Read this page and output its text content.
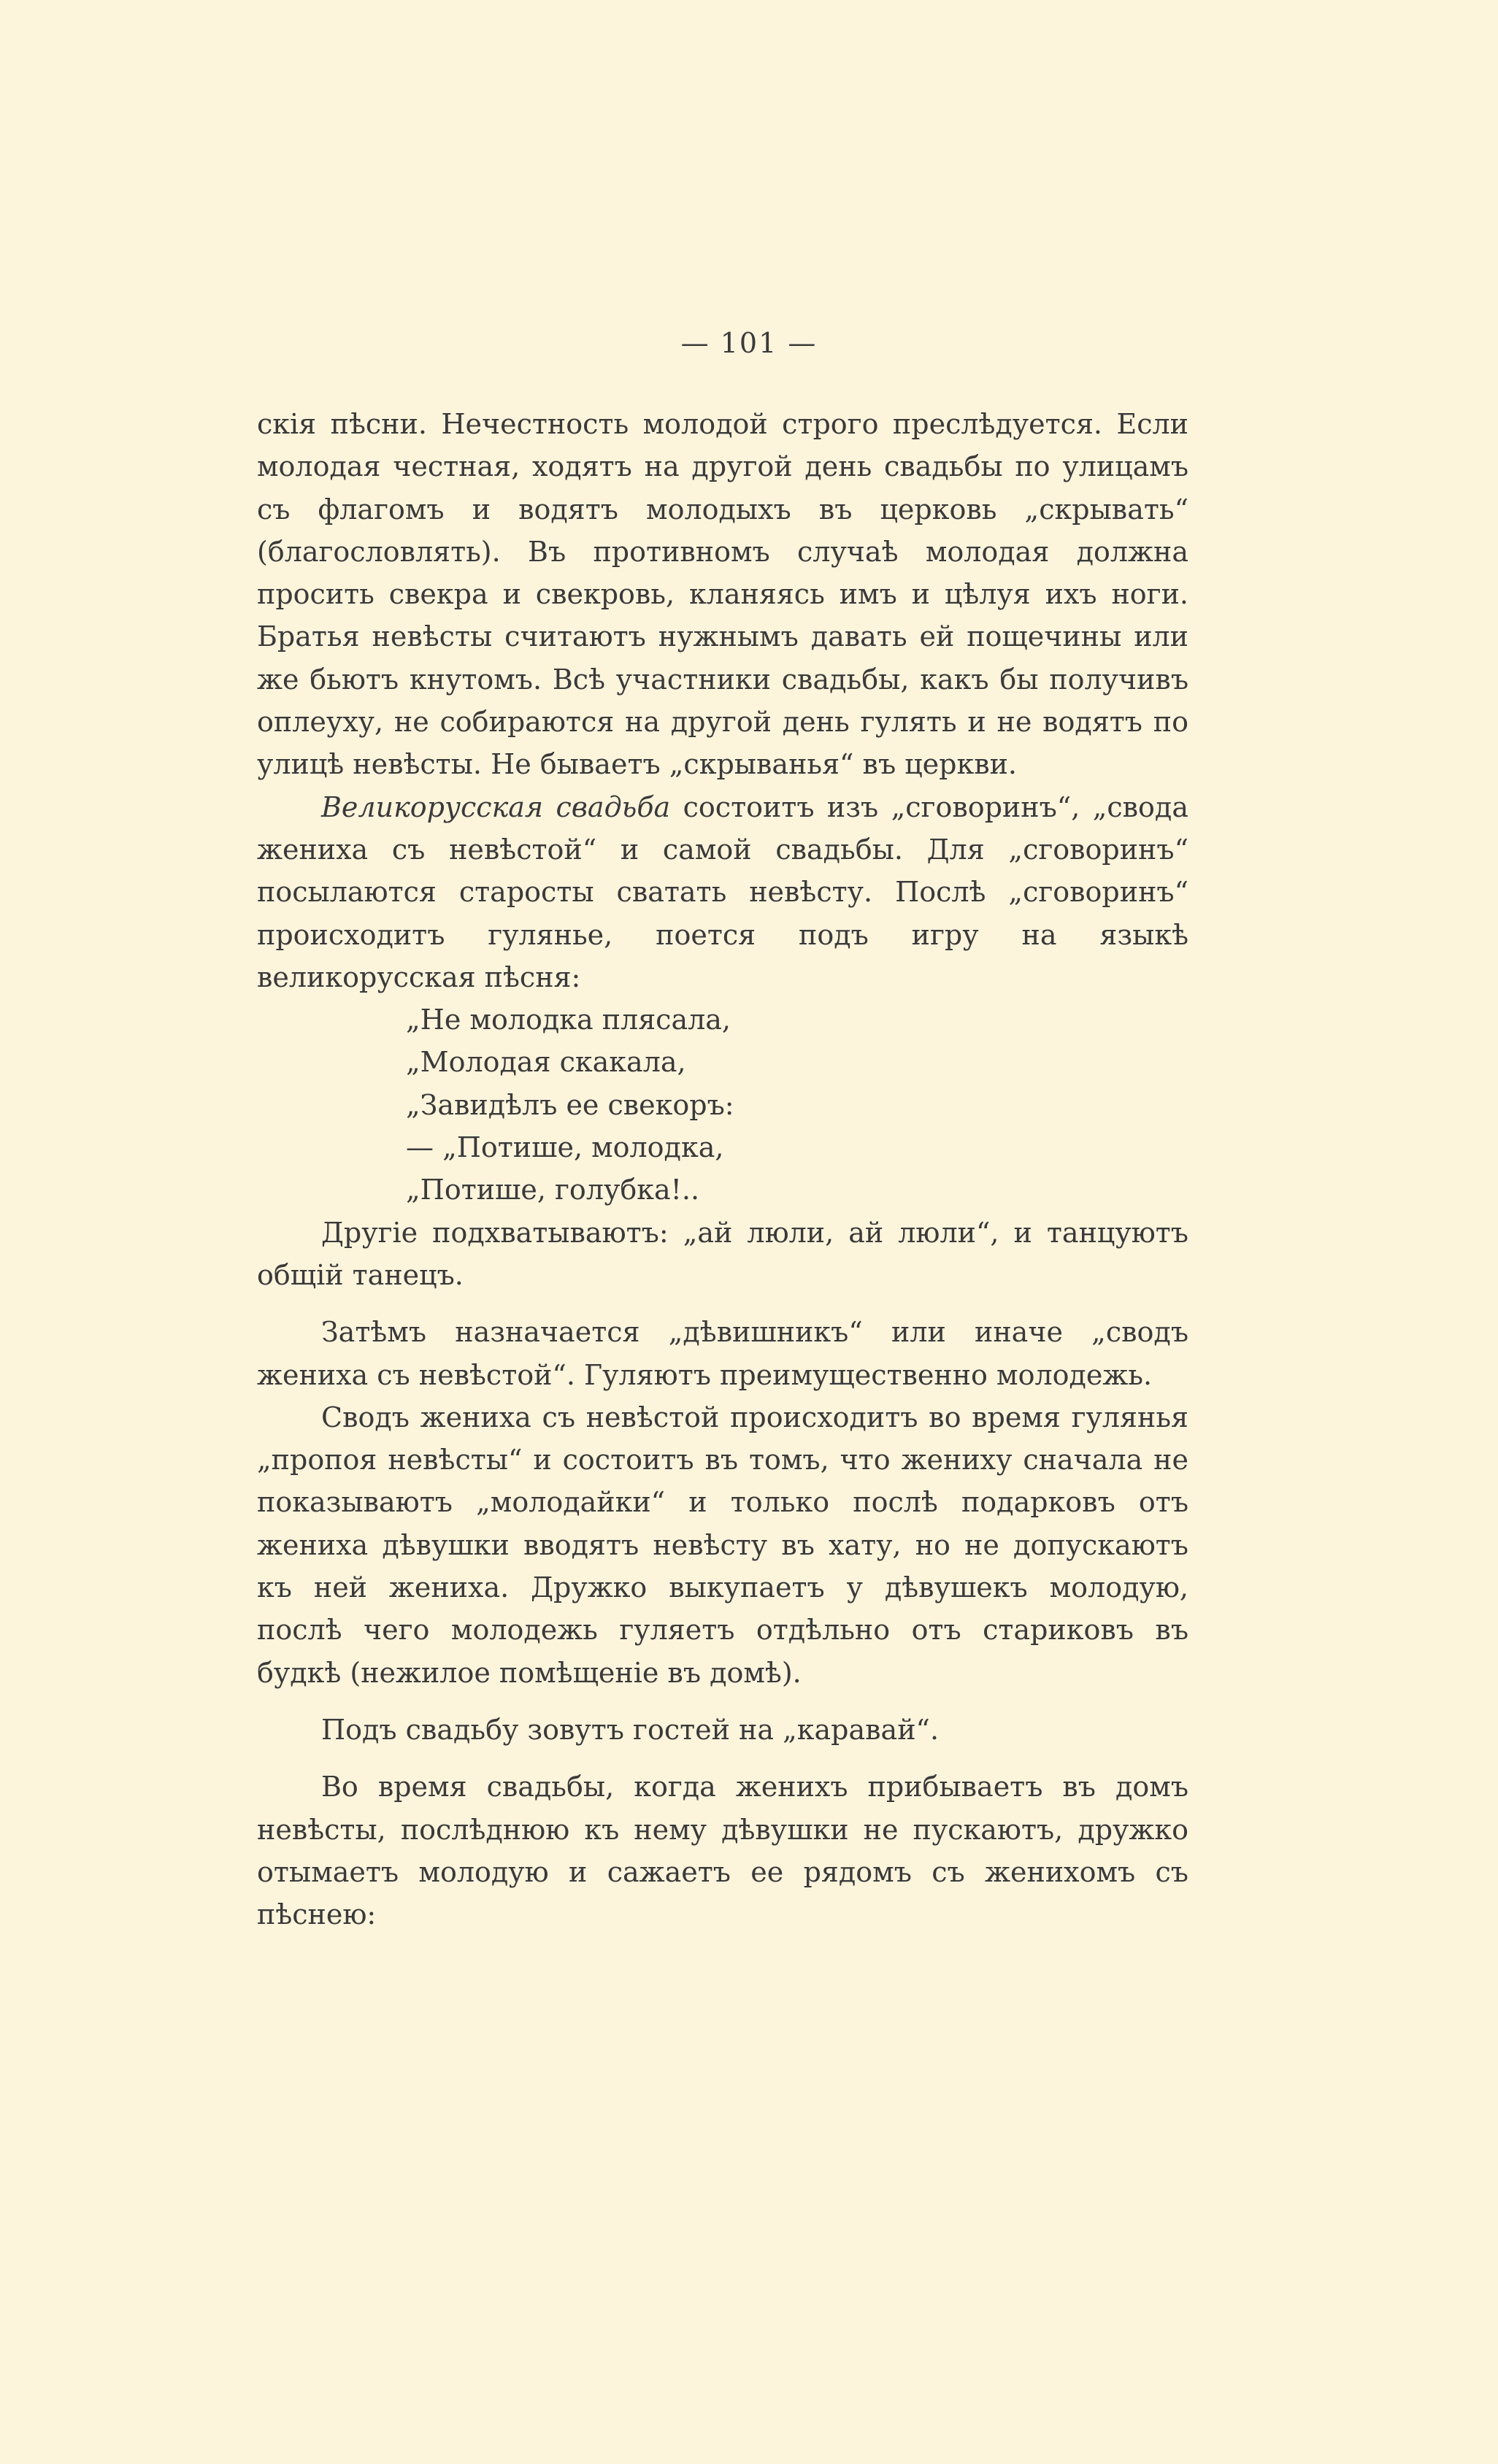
— 101 —

скія пѣсни. Нечестность молодой строго преслѣдуется. Если молодая честная, ходятъ на другой день свадьбы по улицамъ съ флагомъ и водятъ молодыхъ въ церковь „скрывать“ (благословлять). Въ противномъ случаѣ молодая должна просить свекра и свекровь, кланяясь имъ и цѣлуя ихъ ноги. Братья невѣсты считаютъ нужнымъ давать ей пощечины или же бьютъ кнутомъ. Всѣ участники свадьбы, какъ бы получивъ оплеуху, не собираются на другой день гулять и не водятъ по улицѣ невѣсты. Не бываетъ „скрыванья“ въ церкви.

Великорусская свадьба состоитъ изъ „сговоринъ“, „свода жениха съ невѣстой“ и самой свадьбы. Для „сговоринъ“ посылаются старосты сватать невѣсту. Послѣ „сговоринъ“ происходитъ гулянье, поется подъ игру на языкѣ великорусская пѣсня:

„Не молодка плясала,
„Молодая скакала,
„Завидѣлъ ее свекоръ:
— „Потише, молодка,
„Потише, голубка!..

Другіе подхватываютъ: „ай люли, ай люли“, и танцуютъ общій танецъ.

Затѣмъ назначается „дѣвишникъ“ или иначе „сводъ жениха съ невѣстой“. Гуляютъ преимущественно молодежь.

Сводъ жениха съ невѣстой происходитъ во время гулянья „пропоя невѣсты“ и состоитъ въ томъ, что жениху сначала не показываютъ „молодайки“ и только послѣ подарковъ отъ жениха дѣвушки вводятъ невѣсту въ хату, но не допускаютъ къ ней жениха. Дружко выкупаетъ у дѣвушекъ молодую, послѣ чего молодежь гуляетъ отдѣльно отъ стариковъ въ будкѣ (нежилое помѣщеніе въ домѣ).

Подъ свадьбу зовутъ гостей на „каравай“.

Во время свадьбы, когда женихъ прибываетъ въ домъ невѣсты, послѣднюю къ нему дѣвушки не пускаютъ, дружко отымаетъ молодую и сажаетъ ее рядомъ съ женихомъ съ пѣснею:
